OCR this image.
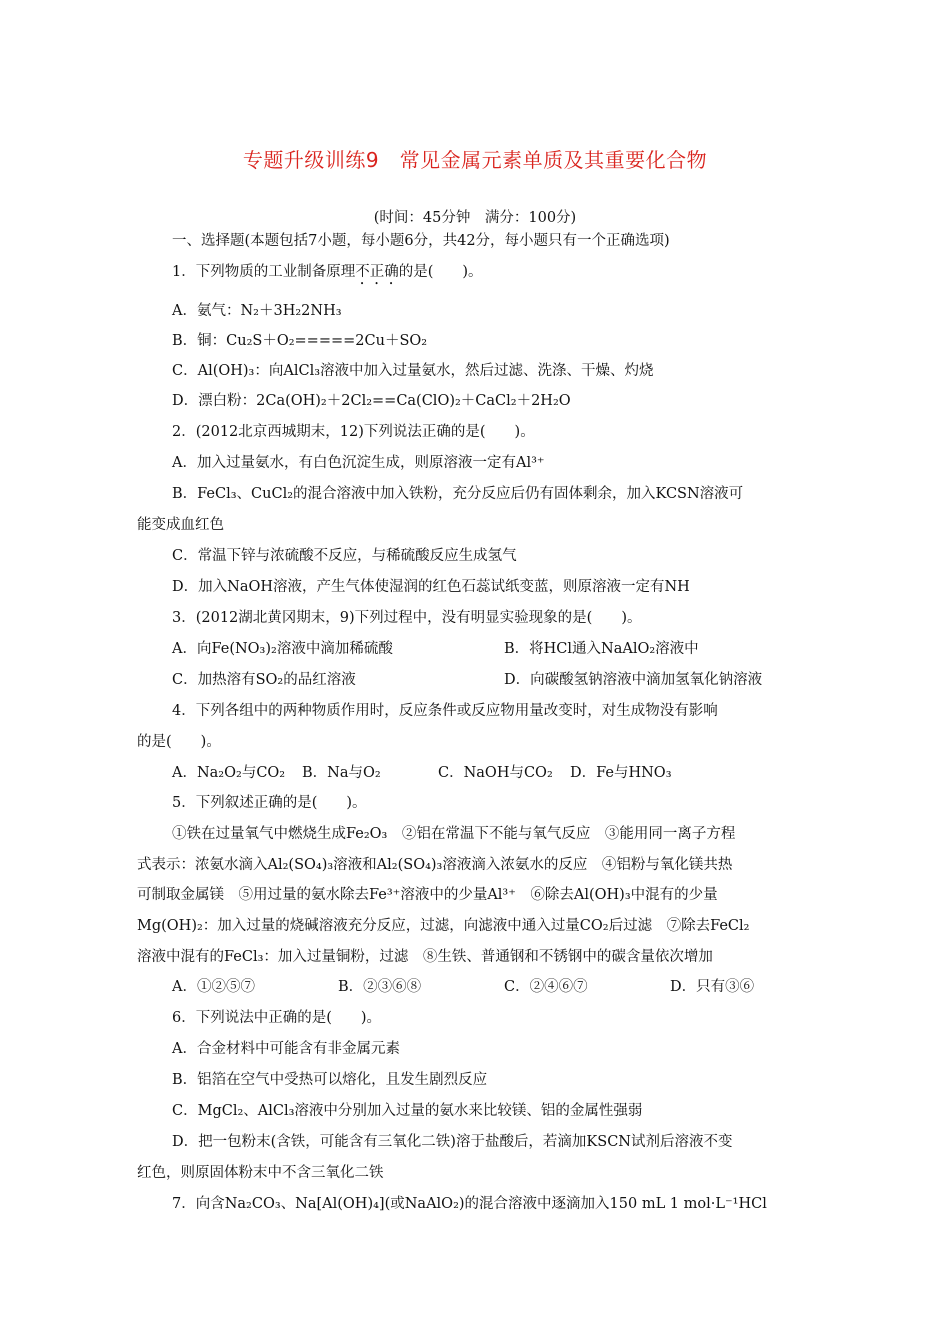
专题升级训练9　常见金属元素单质及其重要化合物
(时间：45分钟　满分：100分)
一、选择题(本题包括7小题，每小题6分，共42分，每小题只有一个正确选项)
1．下列物质的工业制备原理不正确的是(　　)。
A．氨气：N₂＋3H₂2NH₃
B．铜：Cu₂S＋O₂=====2Cu＋SO₂
C．Al(OH)₃：向AlCl₃溶液中加入过量氨水，然后过滤、洗涤、干燥、灼烧
D．漂白粉：2Ca(OH)₂＋2Cl₂==Ca(ClO)₂＋CaCl₂＋2H₂O
2．(2012北京西城期末，12)下列说法正确的是(　　)。
A．加入过量氨水，有白色沉淀生成，则原溶液一定有Al³⁺
B．FeCl₃、CuCl₂的混合溶液中加入铁粉，充分反应后仍有固体剩余，加入KCSN溶液可
能变成血红色
C．常温下锌与浓硫酸不反应，与稀硫酸反应生成氢气
D．加入NaOH溶液，产生气体使湿润的红色石蕊试纸变蓝，则原溶液一定有NH
3．(2012湖北黄冈期末，9)下列过程中，没有明显实验现象的是(　　)。
A．向Fe(NO₃)₂溶液中滴加稀硫酸	B．将HCl通入NaAlO₂溶液中
C．加热溶有SO₂的品红溶液	D．向碳酸氢钠溶液中滴加氢氧化钠溶液
4．下列各组中的两种物质作用时，反应条件或反应物用量改变时，对生成物没有影响
的是(　　)。
A．Na₂O₂与CO₂ B．Na与O₂	C．NaOH与CO₂ D．Fe与HNO₃
5．下列叙述正确的是(　　)。
①铁在过量氧气中燃烧生成Fe₂O₃　②铝在常温下不能与氧气反应　③能用同一离子方程
式表示：浓氨水滴入Al₂(SO₄)₃溶液和Al₂(SO₄)₃溶液滴入浓氨水的反应　④铝粉与氧化镁共热
可制取金属镁　⑤用过量的氨水除去Fe³⁺溶液中的少量Al³⁺　⑥除去Al(OH)₃中混有的少量
Mg(OH)₂：加入过量的烧碱溶液充分反应，过滤，向滤液中通入过量CO₂后过滤　⑦除去FeCl₂
溶液中混有的FeCl₃：加入过量铜粉，过滤　⑧生铁、普通钢和不锈钢中的碳含量依次增加
A．①②⑤⑦	B．②③⑥⑧	C．②④⑥⑦	D．只有③⑥
6．下列说法中正确的是(　　)。
A．合金材料中可能含有非金属元素
B．铝箔在空气中受热可以熔化，且发生剧烈反应
C．MgCl₂、AlCl₃溶液中分别加入过量的氨水来比较镁、铝的金属性强弱
D．把一包粉末(含铁，可能含有三氧化二铁)溶于盐酸后，若滴加KSCN试剂后溶液不变
红色，则原固体粉末中不含三氧化二铁
7．向含Na₂CO₃、Na[Al(OH)₄](或NaAlO₂)的混合溶液中逐滴加入150 mL 1 mol·L⁻¹HCl
